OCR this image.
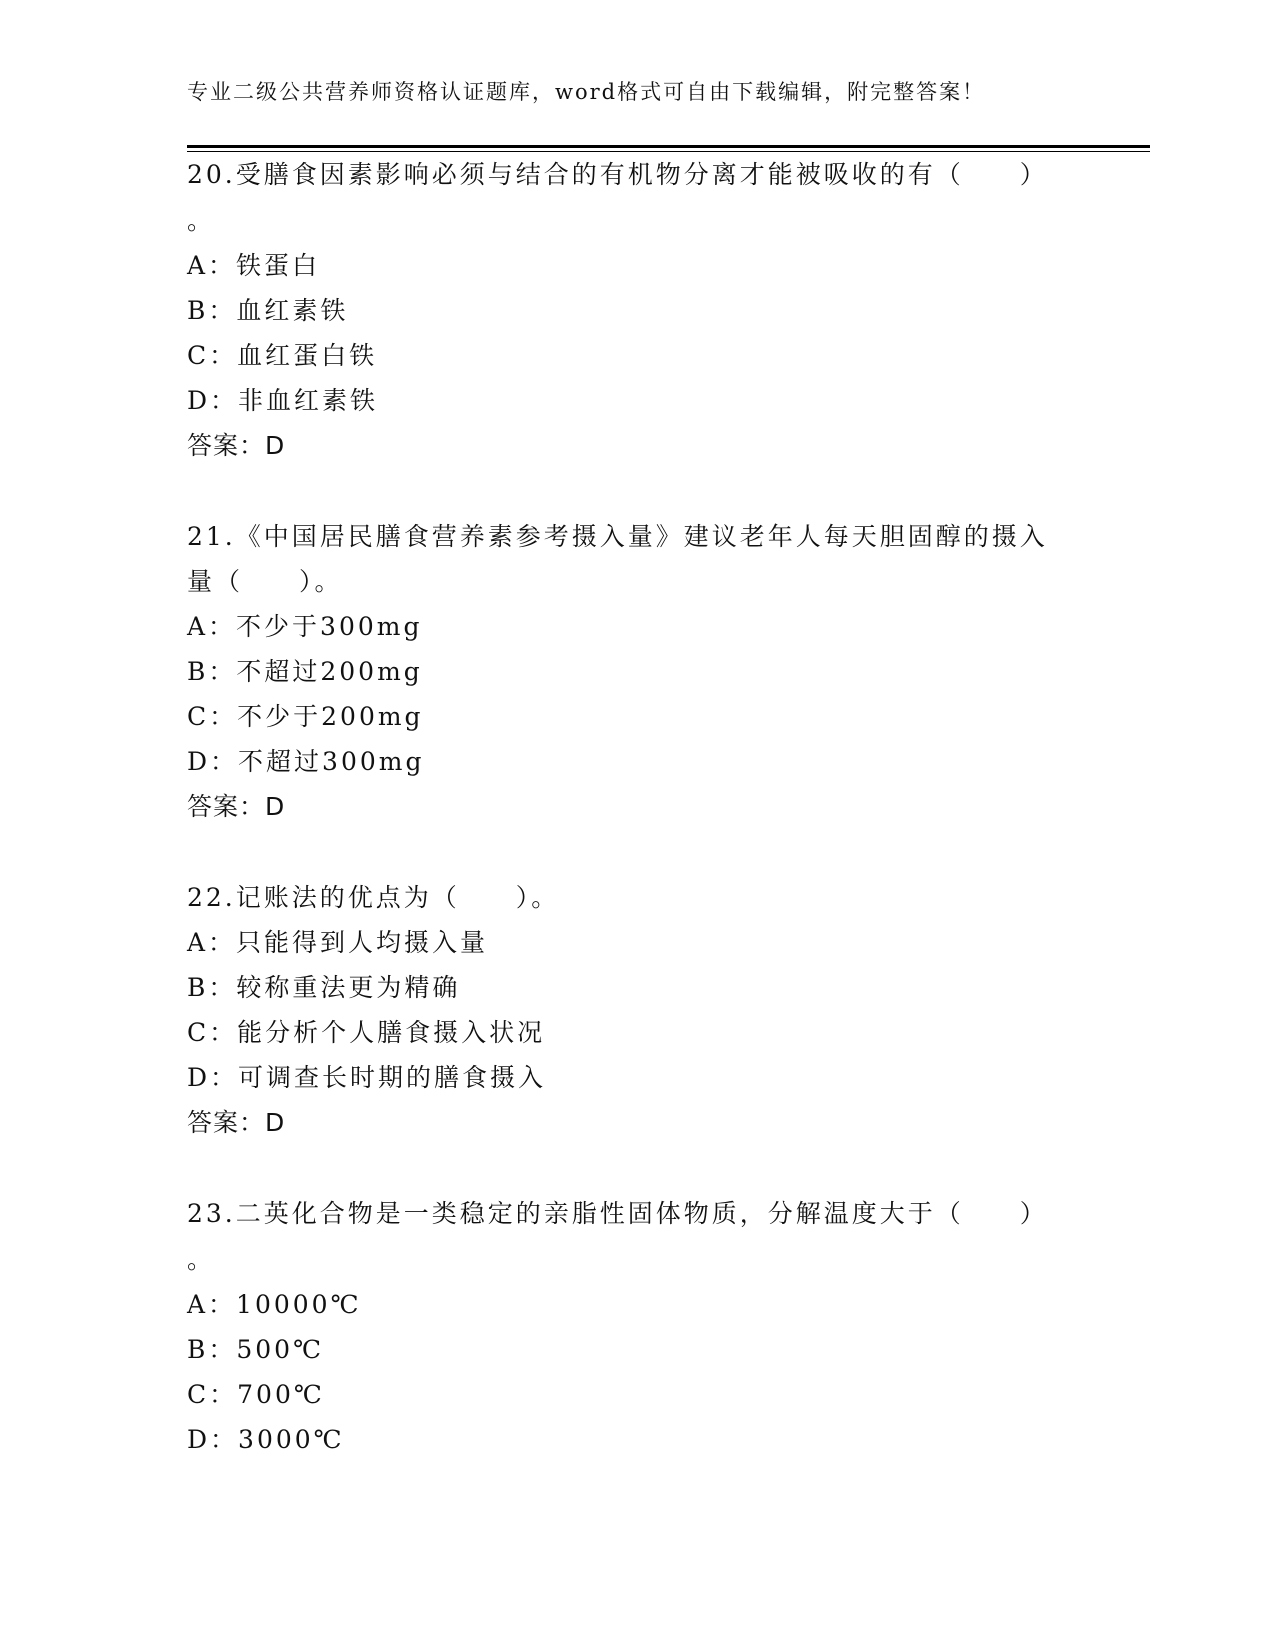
专业二级公共营养师资格认证题库，word格式可自由下载编辑，附完整答案！
20.受膳食因素影响必须与结合的有机物分离才能被吸收的有（　　）
。
A：铁蛋白
B：血红素铁
C：血红蛋白铁
D：非血红素铁
答案：D
21.《中国居民膳食营养素参考摄入量》建议老年人每天胆固醇的摄入
量（　　）。
A：不少于300mg
B：不超过200mg
C：不少于200mg
D：不超过300mg
答案：D
22.记账法的优点为（　　）。
A：只能得到人均摄入量
B：较称重法更为精确
C：能分析个人膳食摄入状况
D：可调查长时期的膳食摄入
答案：D
23.二英化合物是一类稳定的亲脂性固体物质，分解温度大于（　　）
。
A：10000℃
B：500℃
C：700℃
D：3000℃
